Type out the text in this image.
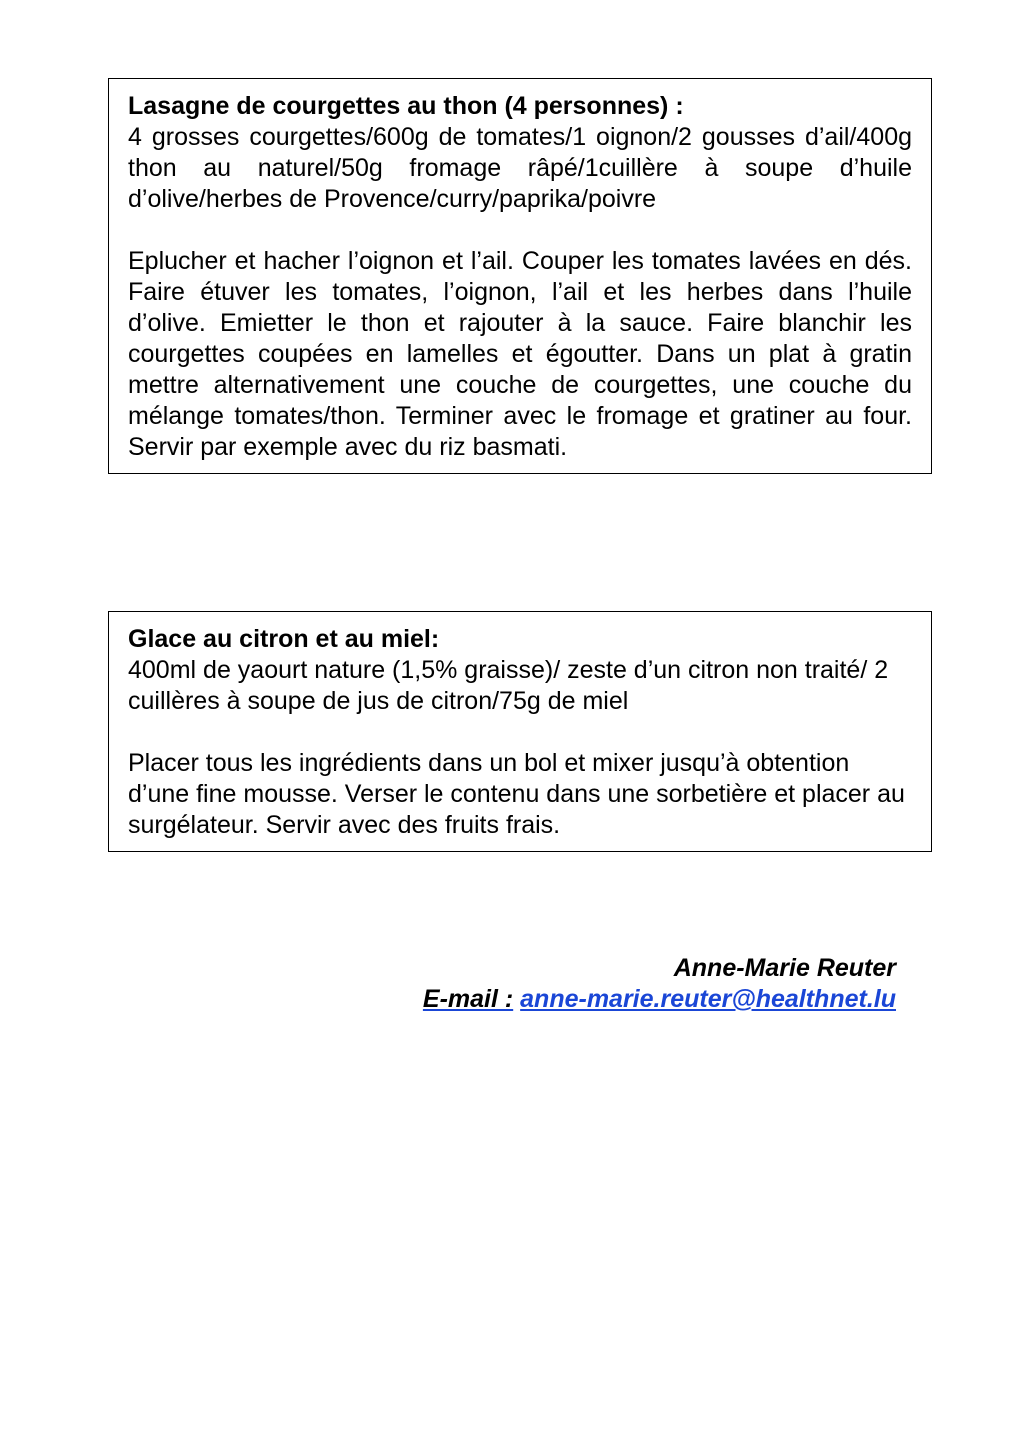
Lasagne de courgettes au thon (4 personnes) :

4 grosses courgettes/600g de tomates/1 oignon/2 gousses d’ail/400g thon au naturel/50g fromage râpé/1cuillère à soupe d’huile d’olive/herbes de Provence/curry/paprika/poivre

Eplucher et hacher l’oignon et l’ail. Couper les tomates lavées en dés. Faire étuver les tomates, l’oignon, l’ail et les herbes dans l’huile d’olive. Emietter le thon et rajouter à la sauce. Faire blanchir les courgettes coupées en lamelles et égoutter. Dans un plat à gratin mettre alternativement une couche de courgettes, une couche du mélange tomates/thon. Terminer avec le fromage et gratiner au four. Servir par exemple avec du riz basmati.

Glace au citron et au miel:

400ml de yaourt nature (1,5% graisse)/ zeste d’un citron non traité/ 2 cuillères à soupe de jus de citron/75g de miel

Placer tous les ingrédients dans un bol et mixer jusqu’à obtention d’une fine mousse. Verser le contenu dans une sorbetière et placer au surgélateur. Servir avec des fruits frais.

Anne-Marie Reuter
E-mail : anne-marie.reuter@healthnet.lu
